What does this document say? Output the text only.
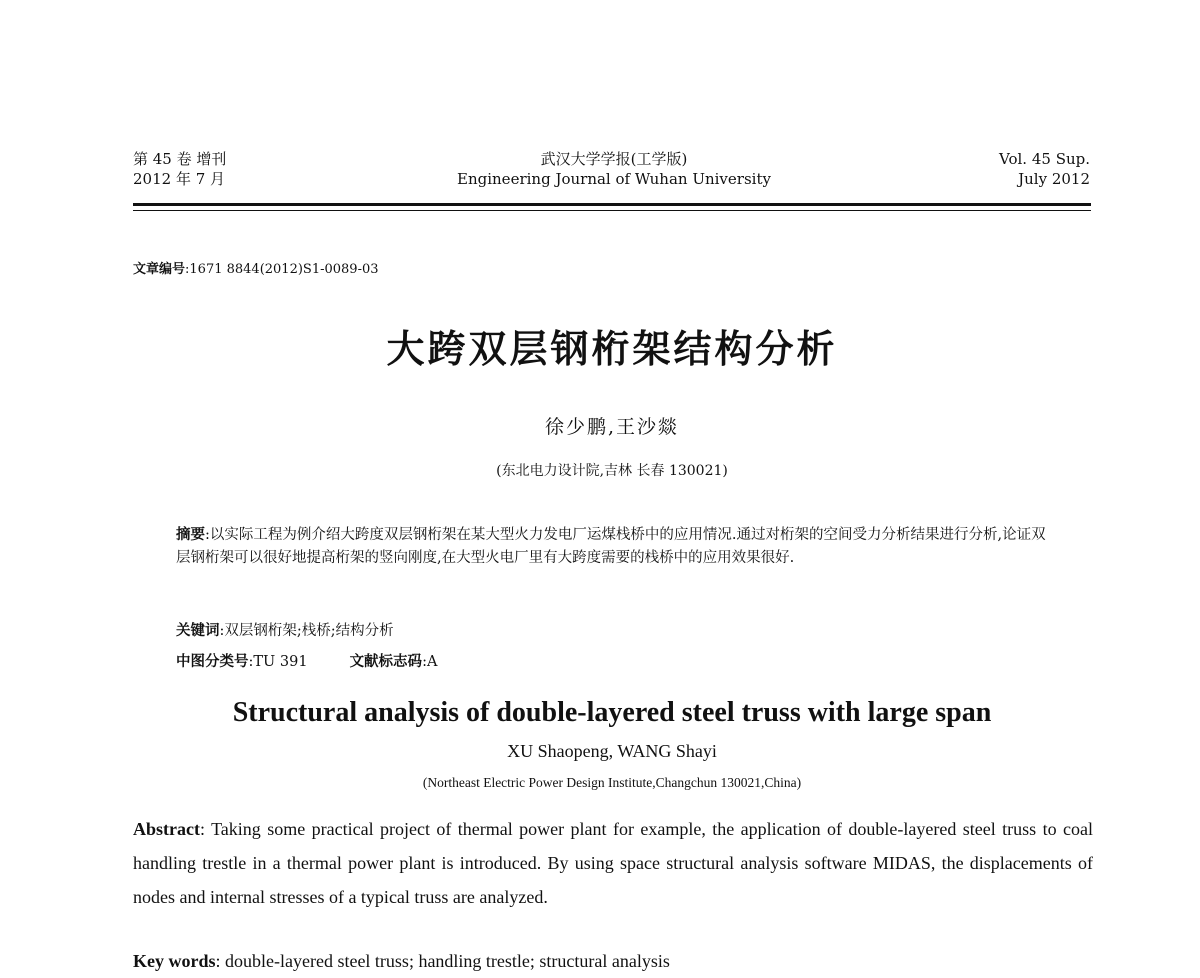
第 45 卷 增刊
2012 年 7 月
武汉大学学报(工学版)
Engineering Journal of Wuhan University
Vol. 45 Sup.
July 2012
文章编号:1671 8844(2012)S1-0089-03
大跨双层钢桁架结构分析
徐少鹏,王沙燚
(东北电力设计院,吉林 长春 130021)
摘要:以实际工程为例介绍大跨度双层钢桁架在某大型火力发电厂运煤栈桥中的应用情况.通过对桁架的空间受力分析结果进行分析,论证双层钢桁架可以很好地提高桁架的竖向刚度,在大型火电厂里有大跨度需要的栈桥中的应用效果很好.
关键词:双层钢桁架;栈桥;结构分析
中图分类号:TU 391	文献标志码:A
Structural analysis of double-layered steel truss with large span
XU Shaopeng, WANG Shayi
(Northeast Electric Power Design Institute,Changchun 130021,China)
Abstract: Taking some practical project of thermal power plant for example, the application of double-layered steel truss to coal handling trestle in a thermal power plant is introduced. By using space structural analysis software MIDAS, the displacements of nodes and internal stresses of a typical truss are analyzed.
Key words: double-layered steel truss; handling trestle; structural analysis
